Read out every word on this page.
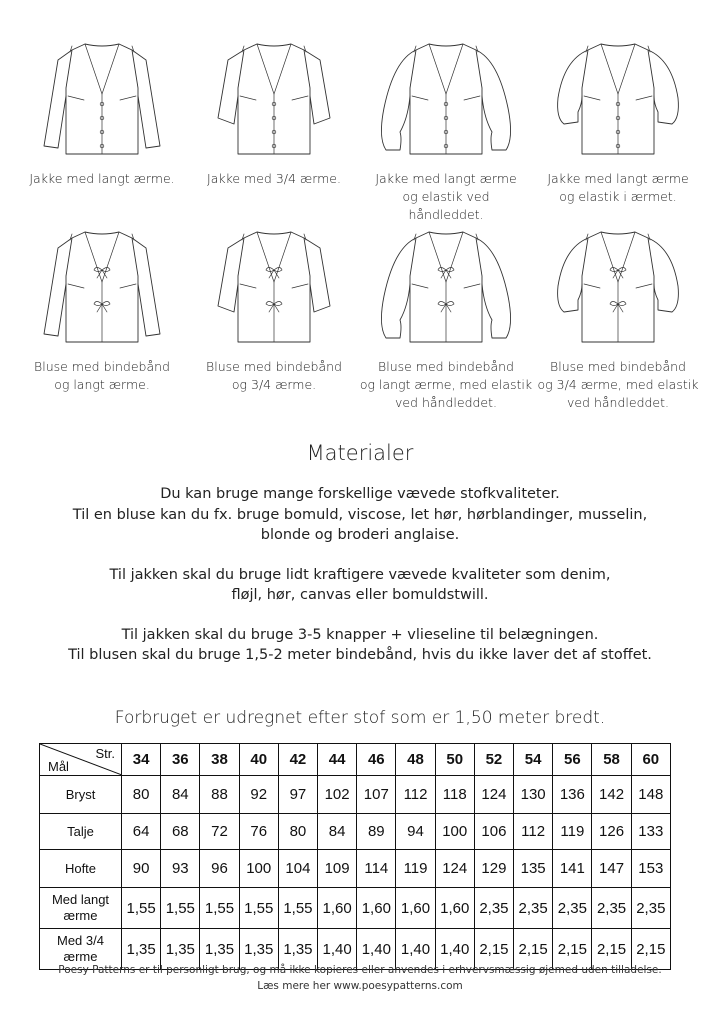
Jakke med langt ærme.	Jakke med 3/4 ærme.	Jakke med langt ærme
og elastik ved
håndleddet.
Jakke med langt ærme
og elastik i ærmet.
Bluse med bindebånd
og langt ærme.
Bluse med bindebånd
og 3/4 ærme.
Bluse med bindebånd
og langt ærme, med elastik
ved håndleddet.
Bluse med bindebånd
og 3/4 ærme, med elastik
ved håndleddet.
Materialer

Du kan bruge mange forskellige vævede stofkvaliteter.
Til en bluse kan du fx. bruge bomuld, viscose, let hør, hørblandinger, musselin,
blonde og broderi anglaise.

Til jakken skal du bruge lidt kraftigere vævede kvaliteter som denim,
fløjl, hør, canvas eller bomuldstwill.

Til jakken skal du bruge 3-5 knapper + vlieseline til belægningen.
Til blusen skal du bruge 1,5-2 meter bindebånd, hvis du ikke laver det af stoffet.

Forbruget er udregnet efter stof som er 1,50 meter bredt.
Str.
Mål	34	36	38	40	42	44	46	48	50	52	54	56	58	60

Bryst	80	84	88	92	97	102	107	112	118	124	130	136	142	148

Talje	64	68	72	76	80	84	89	94	100	106	112	119	126	133

Hofte	90	93	96	100	104	109	114	119	124	129	135	141	147	153

Med langt
ærme	1,55	1,55	1,55	1,55	1,55	1,60	1,60	1,60	1,60	2,35	2,35	2,35	2,35	2,35

Med 3/4
ærme	1,35	1,35	1,35	1,35	1,35	1,40	1,40	1,40	1,40	2,15	2,15	2,15	2,15	2,15
Poesy Patterns er til personligt brug, og må ikke kopieres eller anvendes i erhvervsmæssig øjemed uden tilladelse.
Læs mere her www.poesypatterns.com
